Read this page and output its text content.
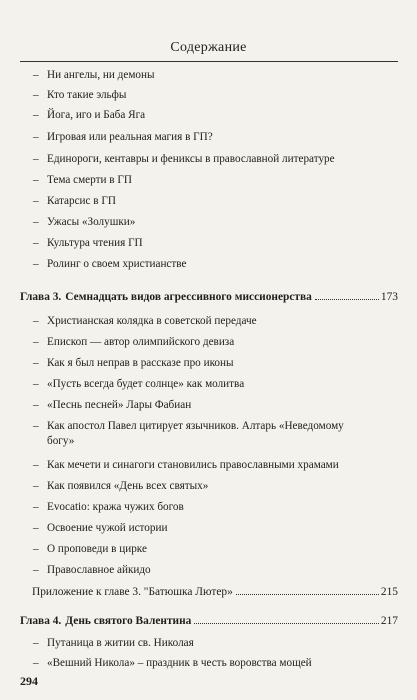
Содержание
– Ни ангелы, ни демоны
– Кто такие эльфы
– Йога, иго и Баба Яга
– Игровая или реальная магия в ГП?
– Единороги, кентавры и фениксы в православной литературе
– Тема смерти в ГП
– Катарсис в ГП
– Ужасы «Золушки»
– Культура чтения ГП
– Ролинг о своем христианстве
Глава 3. Семнадцать видов агрессивного миссионерства	173
– Христианская колядка в советской передаче
– Епископ — автор олимпийского девиза
– Как я был неправ в рассказе про иконы
– «Пусть всегда будет солнце» как молитва
– «Песнь песней» Лары Фабиан
– Как апостол Павел цитирует язычников. Алтарь «Неведомому богу»
– Как мечети и синагоги становились православными храмами
– Как появился «День всех святых»
– Evocatio: кража чужих богов
– Освоение чужой истории
– О проповеди в цирке
– Православное айкидо
Приложение к главе 3. "Батюшка Лютер»	215
Глава 4. День святого Валентина	217
– Путаница в житии св. Николая
– «Вешний Никола» – праздник в честь воровства мощей
294
